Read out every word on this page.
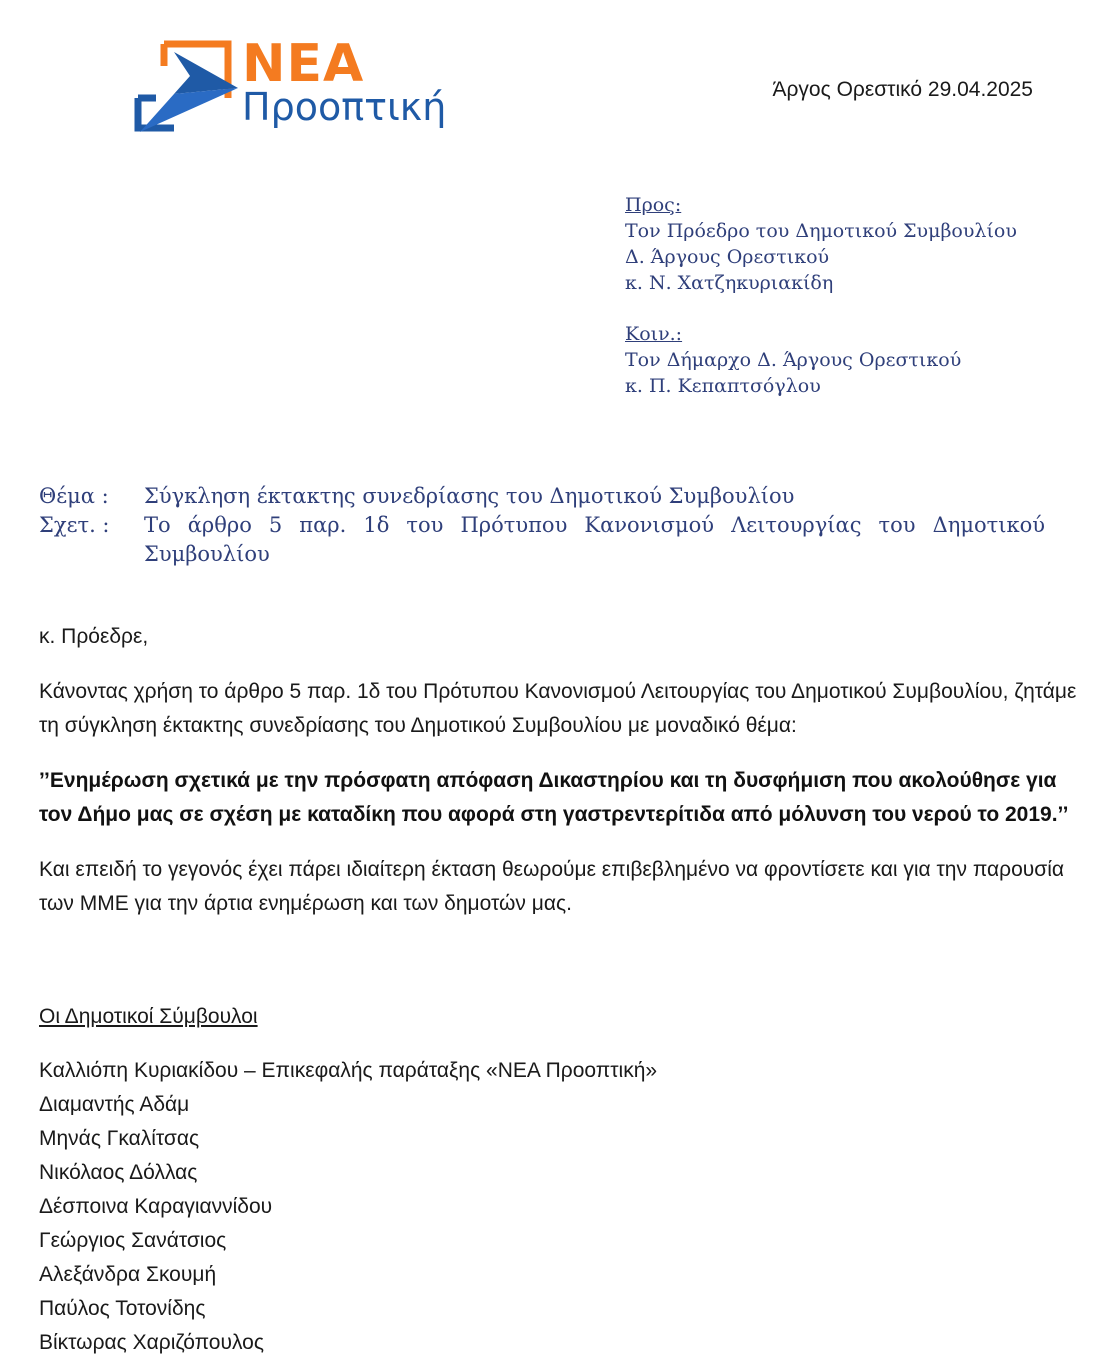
ΝΕΑ
Προοπτική	Άργος Ορεστικό 29.04.2025
Προς:
Τον Πρόεδρο του Δημοτικού Συμβουλίου
Δ. Άργους Ορεστικού
κ. Ν. Χατζηκυριακίδη
Κοιν.:
Τον Δήμαρχο Δ. Άργους Ορεστικού
κ. Π. Κεπαπτσόγλου
Θέμα :	Σύγκληση έκτακτης συνεδρίασης του Δημοτικού Συμβουλίου
Σχετ. :	Το άρθρο 5 παρ. 1δ του Πρότυπου Κανονισμού Λειτουργίας του Δημοτικού Συμβουλίου
κ. Πρόεδρε,
Κάνοντας χρήση το άρθρο 5 παρ. 1δ του Πρότυπου Κανονισμού Λειτουργίας του Δημοτικού Συμβουλίου, ζητάμε τη σύγκληση έκτακτης συνεδρίασης του Δημοτικού Συμβουλίου με μοναδικό θέμα:
’’Ενημέρωση σχετικά με την πρόσφατη απόφαση Δικαστηρίου και τη δυσφήμιση που ακολούθησε για τον Δήμο μας σε σχέση με καταδίκη που αφορά στη γαστρεντερίτιδα από μόλυνση του νερού το 2019.’’
Και επειδή το γεγονός έχει πάρει ιδιαίτερη έκταση θεωρούμε επιβεβλημένο να φροντίσετε και για την παρουσία των ΜΜΕ για την άρτια ενημέρωση και των δημοτών μας.
Οι Δημοτικοί Σύμβουλοι
Καλλιόπη Κυριακίδου – Επικεφαλής παράταξης «ΝΕΑ Προοπτική»
Διαμαντής Αδάμ
Μηνάς Γκαλίτσας
Νικόλαος Δόλλας
Δέσποινα Καραγιαννίδου
Γεώργιος Σανάτσιος
Αλεξάνδρα Σκουμή
Παύλος Τοτονίδης
Βίκτωρας Χαριζόπουλος
